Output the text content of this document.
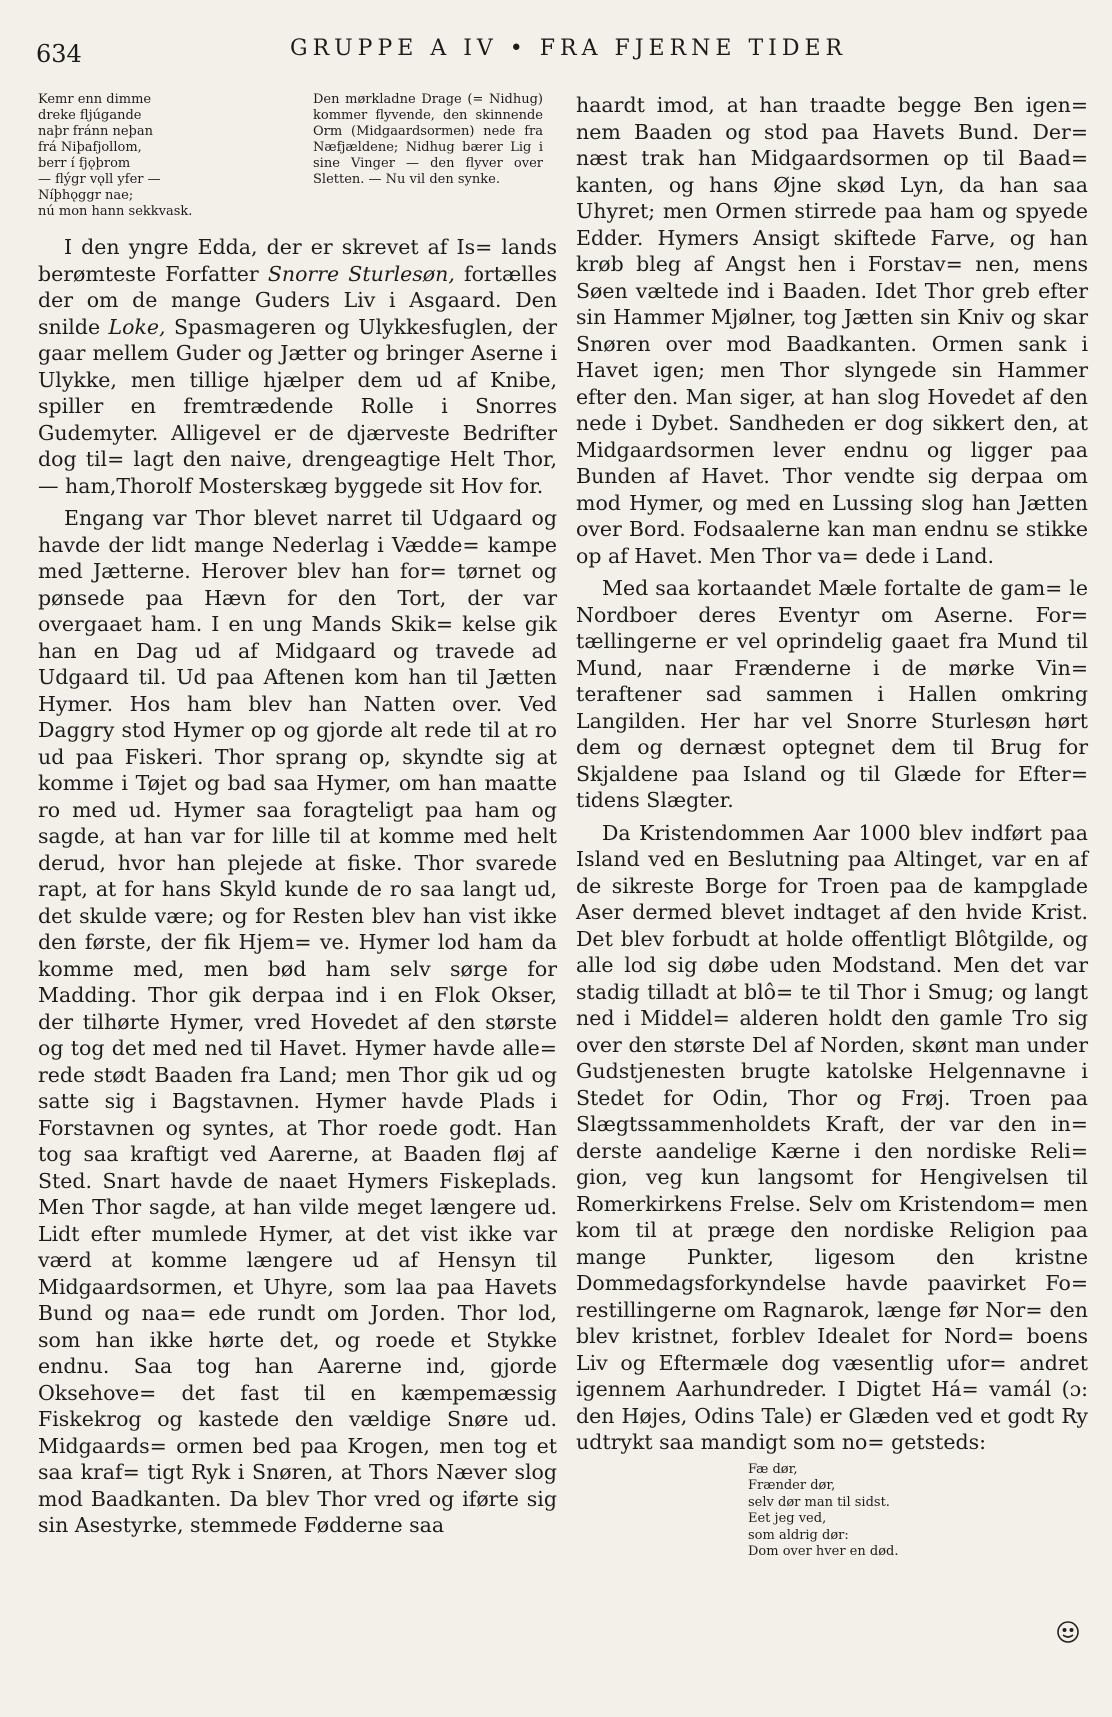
634	GRUPPE A IV • FRA FJERNE TIDER
Kemr enn dimme
dreke fljúgande
naþr fránn neþan
frá Niþafjollom,
berr í fjǫþrom
— flýgr vǫll yfer —
Níþhǫggr nae;
nú mon hann sekkvask.
Den mørkladne Drage (= Nidhug) kommer flyvende, den skinnende Orm (Midgaardsormen) nede fra Næfjældene; Nidhug bærer Lig i sine Vinger — den flyver over Sletten. — Nu vil den synke.

I den yngre Edda, der er skrevet af Is= lands berømteste Forfatter Snorre Sturlesøn, fortælles der om de mange Guders Liv i Asgaard. Den snilde Loke, Spasmageren og Ulykkesfuglen, der gaar mellem Guder og Jætter og bringer Aserne i Ulykke, men tillige hjælper dem ud af Knibe, spiller en fremtrædende Rolle i Snorres Gudemyter. Alligevel er de djærveste Bedrifter dog til= lagt den naive, drengeagtige Helt Thor, — ham,Thorolf Mosterskæg byggede sit Hov for.

Engang var Thor blevet narret til Udgaard og havde der lidt mange Nederlag i Vædde= kampe med Jætterne. Herover blev han for= tørnet og pønsede paa Hævn for den Tort, der var overgaaet ham. I en ung Mands Skik= kelse gik han en Dag ud af Midgaard og travede ad Udgaard til. Ud paa Aftenen kom han til Jætten Hymer. Hos ham blev han Natten over. Ved Daggry stod Hymer op og gjorde alt rede til at ro ud paa Fiskeri. Thor sprang op, skyndte sig at komme i Tøjet og bad saa Hymer, om han maatte ro med ud. Hymer saa foragteligt paa ham og sagde, at han var for lille til at komme med helt derud, hvor han plejede at fiske. Thor svarede rapt, at for hans Skyld kunde de ro saa langt ud, det skulde være; og for Resten blev han vist ikke den første, der fik Hjem= ve. Hymer lod ham da komme med, men bød ham selv sørge for Madding. Thor gik derpaa ind i en Flok Okser, der tilhørte Hymer, vred Hovedet af den største og tog det med ned til Havet. Hymer havde alle= rede stødt Baaden fra Land; men Thor gik ud og satte sig i Bagstavnen. Hymer havde Plads i Forstavnen og syntes, at Thor roede godt. Han tog saa kraftigt ved Aarerne, at Baaden fløj af Sted. Snart havde de naaet Hymers Fiskeplads. Men Thor sagde, at han vilde meget længere ud. Lidt efter mumlede Hymer, at det vist ikke var værd at komme længere ud af Hensyn til Midgaardsormen, et Uhyre, som laa paa Havets Bund og naa= ede rundt om Jorden. Thor lod, som han ikke hørte det, og roede et Stykke endnu. Saa tog han Aarerne ind, gjorde Oksehove= det fast til en kæmpemæssig Fiskekrog og kastede den vældige Snøre ud. Midgaards= ormen bed paa Krogen, men tog et saa kraf= tigt Ryk i Snøren, at Thors Næver slog mod Baadkanten. Da blev Thor vred og iførte sig sin Asestyrke, stemmede Fødderne saa

haardt imod, at han traadte begge Ben igen= nem Baaden og stod paa Havets Bund. Der= næst trak han Midgaardsormen op til Baad= kanten, og hans Øjne skød Lyn, da han saa Uhyret; men Ormen stirrede paa ham og spyede Edder. Hymers Ansigt skiftede Farve, og han krøb bleg af Angst hen i Forstav= nen, mens Søen væltede ind i Baaden. Idet Thor greb efter sin Hammer Mjølner, tog Jætten sin Kniv og skar Snøren over mod Baadkanten. Ormen sank i Havet igen; men Thor slyngede sin Hammer efter den. Man siger, at han slog Hovedet af den nede i Dybet. Sandheden er dog sikkert den, at Midgaardsormen lever endnu og ligger paa Bunden af Havet. Thor vendte sig derpaa om mod Hymer, og med en Lussing slog han Jætten over Bord. Fodsaalerne kan man endnu se stikke op af Havet. Men Thor va= dede i Land.

Med saa kortaandet Mæle fortalte de gam= le Nordboer deres Eventyr om Aserne. For= tællingerne er vel oprindelig gaaet fra Mund til Mund, naar Frænderne i de mørke Vin= teraftener sad sammen i Hallen omkring Langilden. Her har vel Snorre Sturlesøn hørt dem og dernæst optegnet dem til Brug for Skjaldene paa Island og til Glæde for Efter= tidens Slægter.

Da Kristendommen Aar 1000 blev indført paa Island ved en Beslutning paa Altinget, var en af de sikreste Borge for Troen paa de kampglade Aser dermed blevet indtaget af den hvide Krist. Det blev forbudt at holde offentligt Blôtgilde, og alle lod sig døbe uden Modstand. Men det var stadig tilladt at blô= te til Thor i Smug; og langt ned i Middel= alderen holdt den gamle Tro sig over den største Del af Norden, skønt man under Gudstjenesten brugte katolske Helgennavne i Stedet for Odin, Thor og Frøj. Troen paa Slægtssammenholdets Kraft, der var den in= derste aandelige Kærne i den nordiske Reli= gion, veg kun langsomt for Hengivelsen til Romerkirkens Frelse. Selv om Kristendom= men kom til at præge den nordiske Religion paa mange Punkter, ligesom den kristne Dommedagsforkyndelse havde paavirket Fo= restillingerne om Ragnarok, længe før Nor= den blev kristnet, forblev Idealet for Nord= boens Liv og Eftermæle dog væsentlig ufor= andret igennem Aarhundreder. I Digtet Há= vamál (ɔ: den Højes, Odins Tale) er Glæden ved et godt Ry udtrykt saa mandigt som no= getsteds:

Fæ dør,
Frænder dør,
selv dør man til sidst.
Eet jeg ved,
som aldrig dør:
Dom over hver en død.
